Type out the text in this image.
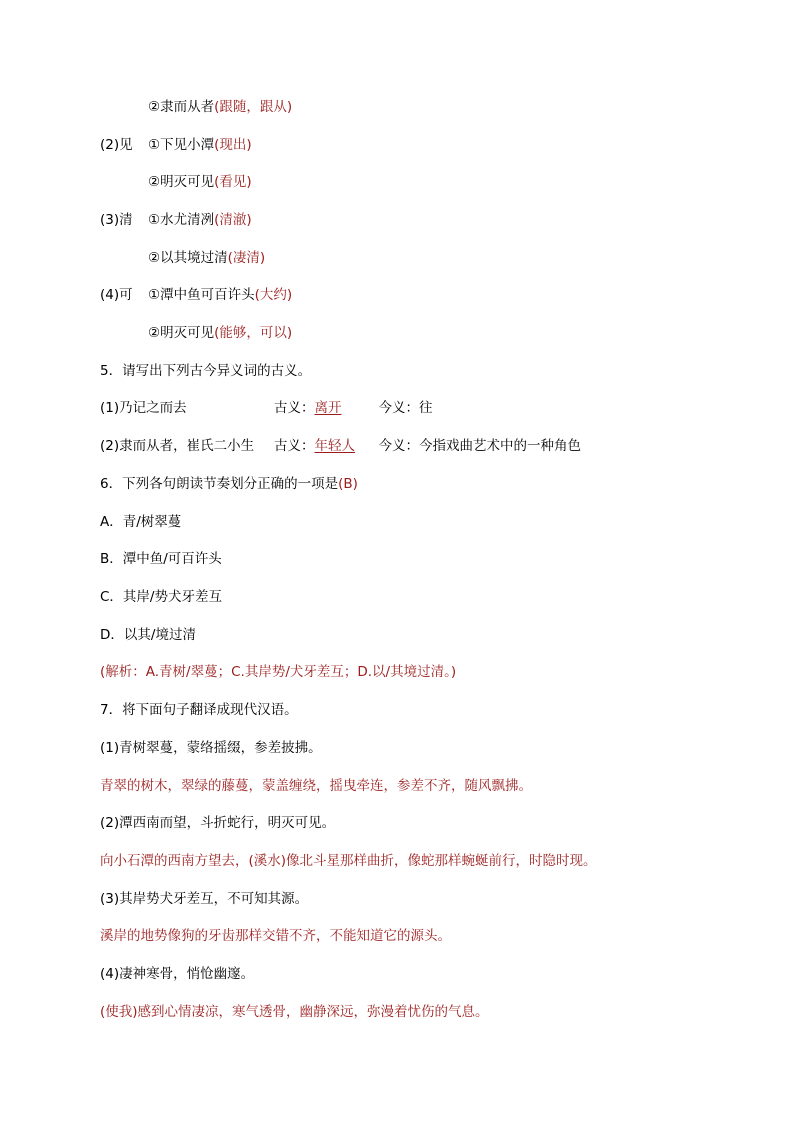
②隶而从者(跟随，跟从)
(2)见 ①下见小潭(现出)
②明灭可见(看见)
(3)清 ①水尤清冽(清澈)
②以其境过清(凄清)
(4)可 ①潭中鱼可百许头(大约)
②明灭可见(能够，可以)
5．请写出下列古今异义词的古义。
(1)乃记之而去	古义：离开	今义：往
(2)隶而从者，崔氏二小生 古义：年轻人 今义：今指戏曲艺术中的一种角色
6．下列各句朗读节奏划分正确的一项是(B)
A．青/树翠蔓
B．潭中鱼/可百许头
C．其岸/势犬牙差互
D．以其/境过清
(解析：A.青树/翠蔓；C.其岸势/犬牙差互；D.以/其境过清。)
7．将下面句子翻译成现代汉语。
(1)青树翠蔓，蒙络摇缀，参差披拂。
青翠的树木，翠绿的藤蔓，蒙盖缠绕，摇曳牵连，参差不齐，随风飘拂。
(2)潭西南而望，斗折蛇行，明灭可见。
向小石潭的西南方望去，(溪水)像北斗星那样曲折，像蛇那样蜿蜒前行，时隐时现。
(3)其岸势犬牙差互，不可知其源。
溪岸的地势像狗的牙齿那样交错不齐，不能知道它的源头。
(4)凄神寒骨，悄怆幽邃。
(使我)感到心情凄凉，寒气透骨，幽静深远，弥漫着忧伤的气息。
